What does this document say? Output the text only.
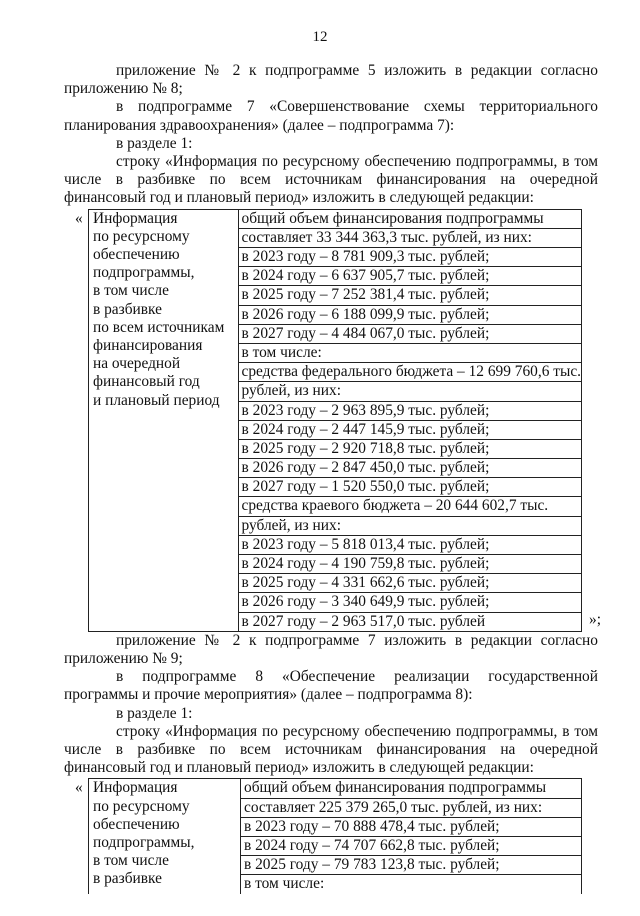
12

приложение № 2 к подпрограмме 5 изложить в редакции согласно приложению № 8;

в подпрограмме 7 «Совершенствование схемы территориального планирования здравоохранения» (далее – подпрограмма 7):

в разделе 1:

строку «Информация по ресурсному обеспечению подпрограммы, в том числе в разбивке по всем источникам финансирования на очередной финансовый год и плановый период» изложить в следующей редакции:

« Информация
по ресурсному
обеспечению
подпрограммы,
в том числе
в разбивке
по всем источникам
финансирования
на очередной
финансовый год
и плановый период
общий объем финансирования подпрограммы
составляет 33 344 363,3 тыс. рублей, из них:
в 2023 году – 8 781 909,3 тыс. рублей;
в 2024 году – 6 637 905,7 тыс. рублей;
в 2025 году – 7 252 381,4 тыс. рублей;
в 2026 году – 6 188 099,9 тыс. рублей;
в 2027 году – 4 484 067,0 тыс. рублей;
в том числе:
средства федерального бюджета – 12 699 760,6 тыс.
рублей, из них:
в 2023 году – 2 963 895,9 тыс. рублей;
в 2024 году – 2 447 145,9 тыс. рублей;
в 2025 году – 2 920 718,8 тыс. рублей;
в 2026 году – 2 847 450,0 тыс. рублей;
в 2027 году – 1 520 550,0 тыс. рублей;
средства краевого бюджета – 20 644 602,7 тыс.
рублей, из них:
в 2023 году – 5 818 013,4 тыс. рублей;
в 2024 году – 4 190 759,8 тыс. рублей;
в 2025 году – 4 331 662,6 тыс. рублей;
в 2026 году – 3 340 649,9 тыс. рублей;
в 2027 году – 2 963 517,0 тыс. рублей	»;

приложение № 2 к подпрограмме 7 изложить в редакции согласно приложению № 9;

в подпрограмме 8 «Обеспечение реализации государственной программы и прочие мероприятия» (далее – подпрограмма 8):

в разделе 1:

строку «Информация по ресурсному обеспечению подпрограммы, в том числе в разбивке по всем источникам финансирования на очередной финансовый год и плановый период» изложить в следующей редакции:

« Информация
по ресурсному
обеспечению
подпрограммы,
в том числе
в разбивке
общий объем финансирования подпрограммы
составляет 225 379 265,0 тыс. рублей, из них:
в 2023 году – 70 888 478,4 тыс. рублей;
в 2024 году – 74 707 662,8 тыс. рублей;
в 2025 году – 79 783 123,8 тыс. рублей;
в том числе:
